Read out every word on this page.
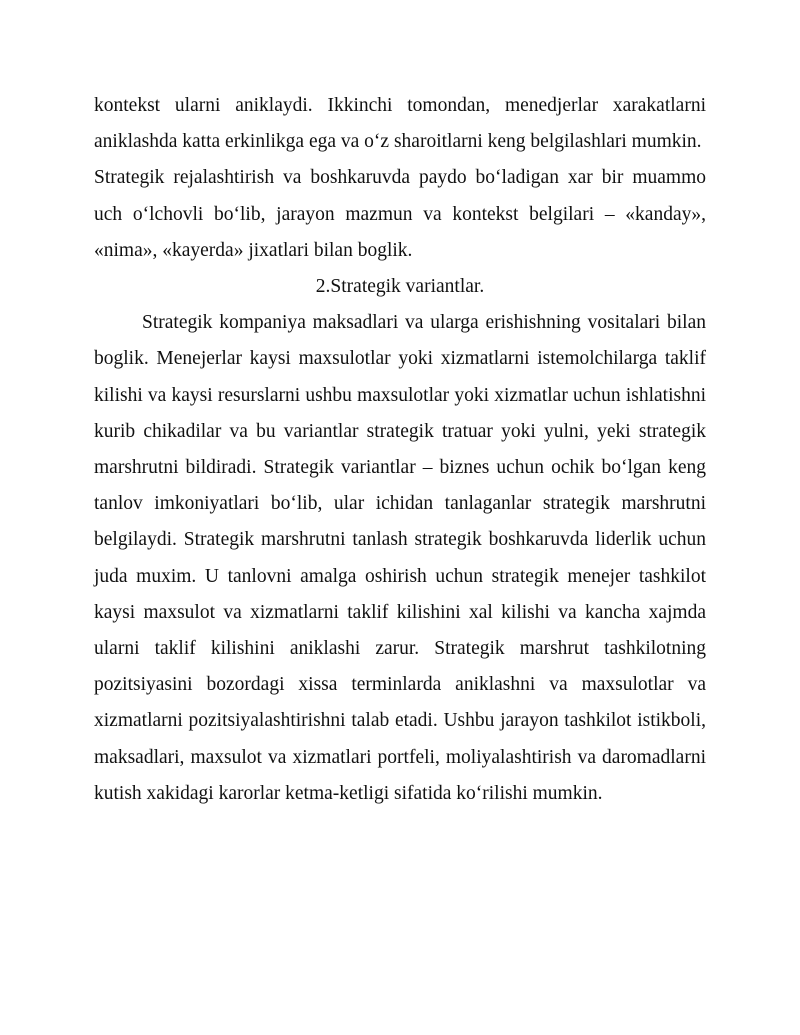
kontekst ularni aniklaydi. Ikkinchi tomondan, menedjerlar xarakatlarni aniklashda katta erkinlikga ega va o‘z sharoitlarni keng belgilashlari mumkin.

Strategik rejalashtirish va boshkaruvda paydo bo‘ladigan xar bir muammo uch o‘lchovli bo‘lib, jarayon mazmun va kontekst belgilari – «kanday», «nima», «kayerda» jixatlari bilan boglik.

2.Strategik variantlar.

Strategik kompaniya maksadlari va ularga erishishning vositalari bilan boglik. Menejerlar kaysi maxsulotlar yoki xizmatlarni istemolchilarga taklif kilishi va kaysi resurslarni ushbu maxsulotlar yoki xizmatlar uchun ishlatishni kurib chikadilar va bu variantlar strategik tratuar yoki yulni, yeki strategik marshrutni bildiradi. Strategik variantlar – biznes uchun ochik bo‘lgan keng tanlov imkoniyatlari bo‘lib, ular ichidan tanlaganlar strategik marshrutni belgilaydi. Strategik marshrutni tanlash strategik boshkaruvda liderlik uchun juda muxim. U tanlovni amalga oshirish uchun strategik menejer tashkilot kaysi maxsulot va xizmatlarni taklif kilishini xal kilishi va kancha xajmda ularni taklif kilishini aniklashi zarur. Strategik marshrut tashkilotning pozitsiyasini bozordagi xissa terminlarda aniklashni va maxsulotlar va xizmatlarni pozitsiyalashtirishni talab etadi. Ushbu jarayon tashkilot istikboli, maksadlari, maxsulot va xizmatlari portfeli, moliyalashtirish va daromadlarni kutish xakidagi karorlar ketma-ketligi sifatida ko‘rilishi mumkin.
